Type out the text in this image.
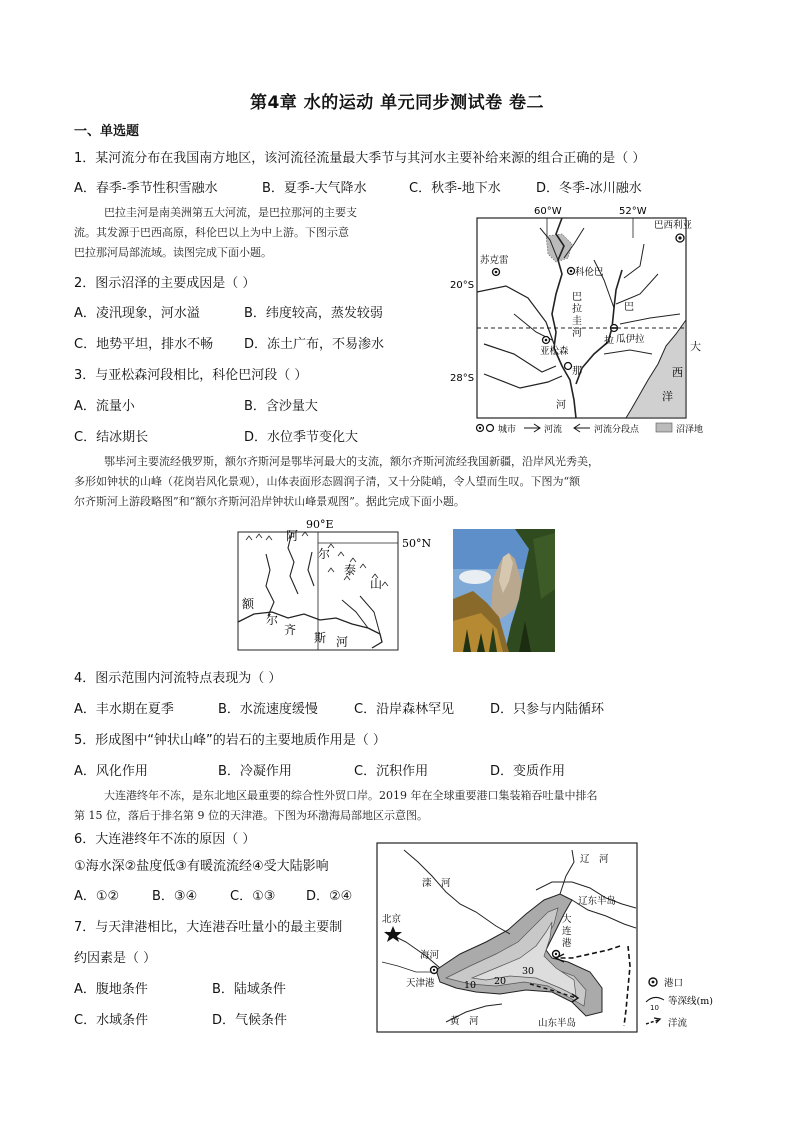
第4章 水的运动 单元同步测试卷 卷二
一、单选题
1．某河流分布在我国南方地区，该河流径流量最大季节与其河水主要补给来源的组合正确的是（ ）
A．春季-季节性积雪融水	B．夏季-大气降水	C．秋季-地下水	D．冬季-冰川融水
巴拉圭河是南美洲第五大河流，是巴拉那河的主要支
流。其发源于巴西高原，科伦巴以上为中上游。下图示意
巴拉那河局部流域。读图完成下面小题。
2．图示沼泽的主要成因是（ ）
A．凌汛现象，河水溢	B．纬度较高，蒸发较弱
C．地势平坦，排水不畅 D．冻土广布，不易渗水
3．与亚松森河段相比，科伦巴河段（ ）
A．流量小	B．含沙量大
C．结冰期长	D．水位季节变化大
60°W	52°W
20°S
28°S
大
西
洋
巴西利亚
苏克雷
科伦巴
亚松森
瓜伊拉
巴
拉
圭
河
巴
拉
那
河
城市	河流	河流分段点	沼泽地
鄂毕河主要流经俄罗斯，额尔齐斯河是鄂毕河最大的支流，额尔齐斯河流经我国新疆，沿岸风光秀美，
多形如钟状的山峰（花岗岩风化景观），山体表面形态圆润子清，又十分陡峭，令人望而生叹。下图为“额
尔齐斯河上游段略图”和“额尔齐斯河沿岸钟状山峰景观图”。据此完成下面小题。
90°E
50°N
阿
尔
泰
山
额
尔
齐
斯 河
4．图示范围内河流特点表现为（ ）
A．丰水期在夏季	B．水流速度缓慢	C．沿岸森林罕见	D．只参与内陆循环
5．形成图中“钟状山峰”的岩石的主要地质作用是（ ）
A．风化作用	B．冷凝作用	C．沉积作用	D．变质作用
大连港终年不冻，是东北地区最重要的综合性外贸口岸。2019 年在全球重要港口集装箱吞吐量中排名
第 15 位，落后于排名第 9 位的天津港。下图为环渤海局部地区示意图。
6．大连港终年不冻的原因（ ）
①海水深②盐度低③有暖流流经④受大陆影响
A．①②	B．③④	C．①③ D．②④
7．与天津港相比，大连港吞吐量小的最主要制
约因素是（ ）
A．腹地条件	B．陆域条件
C．水域条件	D．气候条件
辽　河
滦　河
北京
海河
天津港
大
连
港
辽东半岛
10 20
30
黄　河	山东半岛
港口
10
等深线(m)
洋流
